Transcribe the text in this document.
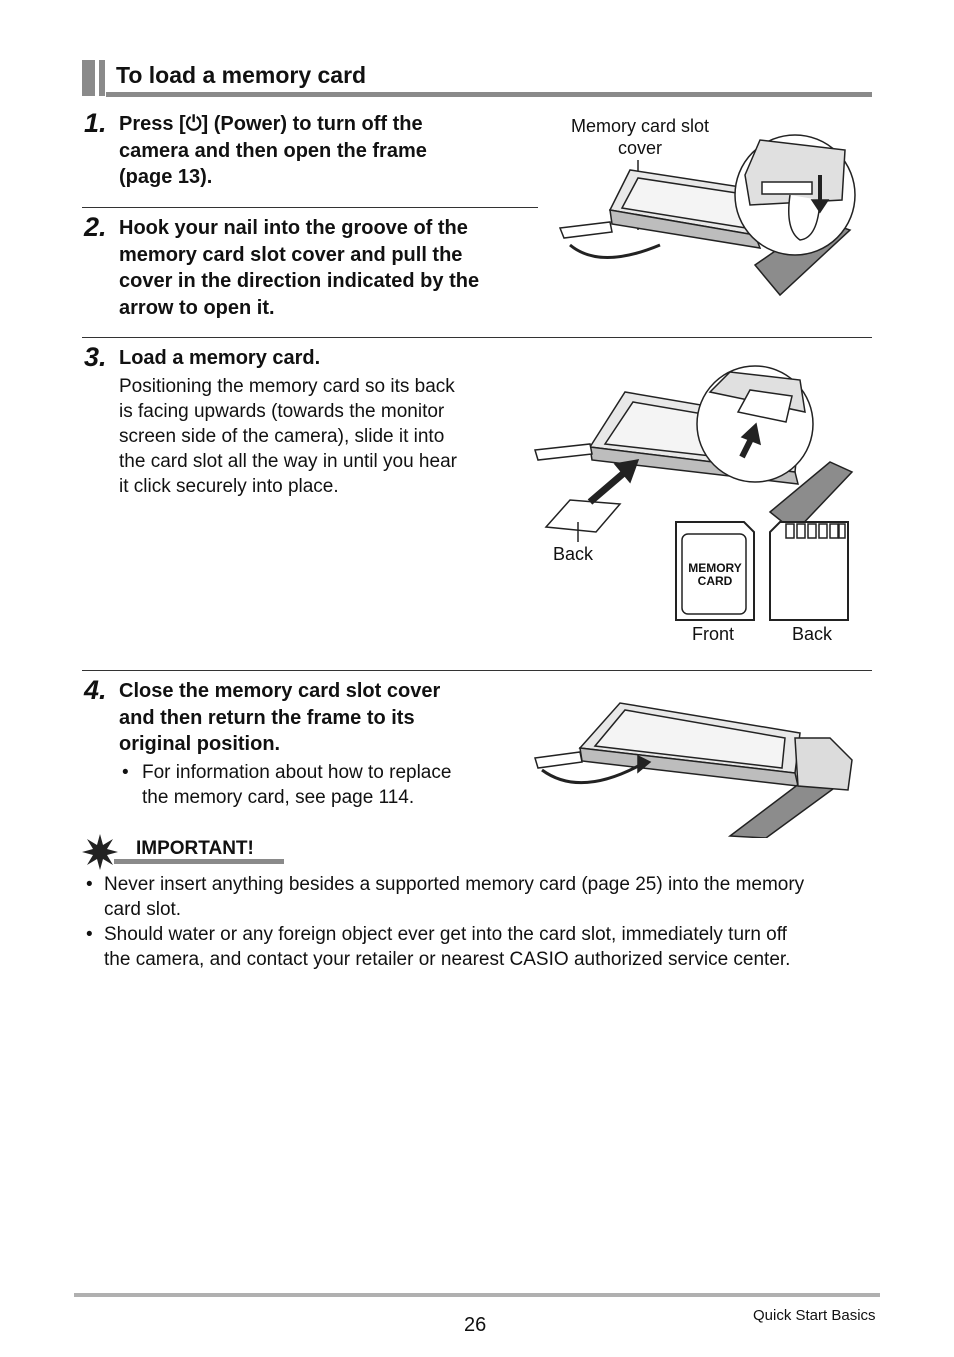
To load a memory card
1. Press [⏻] (Power) to turn off the
camera and then open the frame
(page 13).
2. Hook your nail into the groove of the
memory card slot cover and pull the
cover in the direction indicated by the
arrow to open it.
Memory card slot
cover
3. Load a memory card.
Positioning the memory card so its back
is facing upwards (towards the monitor
screen side of the camera), slide it into
the card slot all the way in until you hear
it click securely into place.
Back
MEMORY
CARD
Front	Back
4. Close the memory card slot cover
and then return the frame to its
original position.
• For information about how to replace
the memory card, see page 114.
IMPORTANT!
• Never insert anything besides a supported memory card (page 25) into the memory
card slot.
• Should water or any foreign object ever get into the card slot, immediately turn off
the camera, and contact your retailer or nearest CASIO authorized service center.
26	Quick Start Basics
